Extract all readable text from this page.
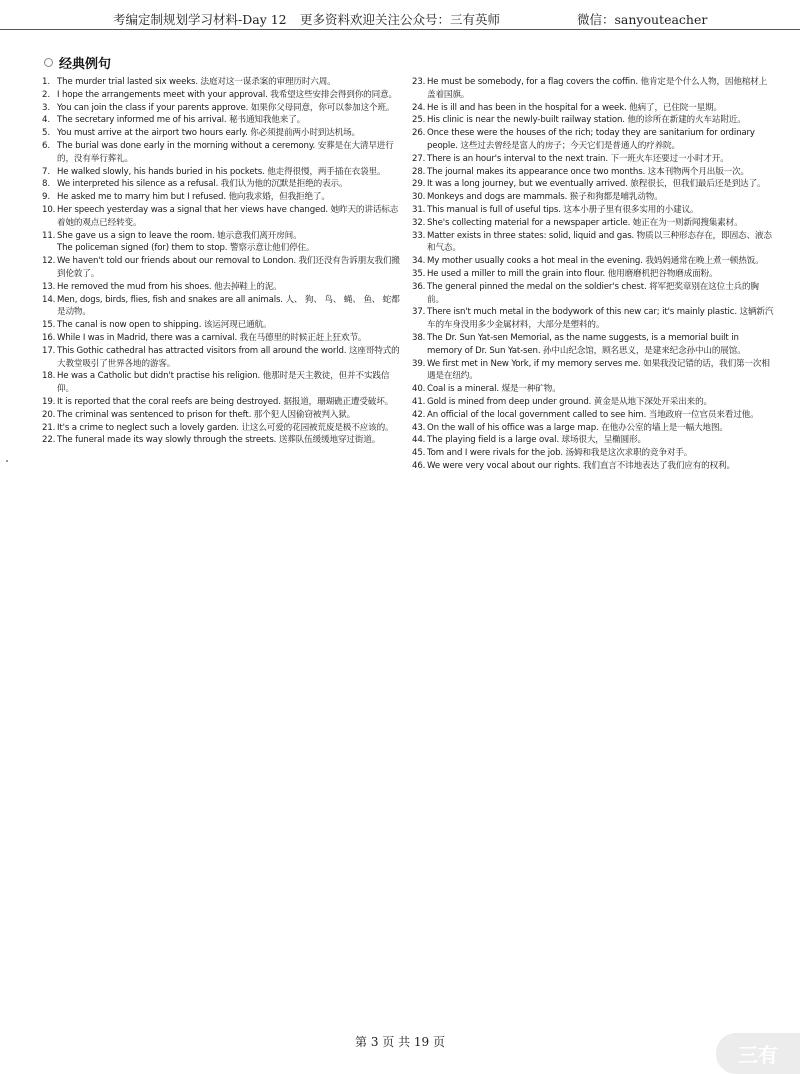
考编定制规划学习材料-Day 12 更多资料欢迎关注公众号：三有英师	微信：sanyouteacher
经典例句
1. The murder trial lasted six weeks. 法庭对这一谋杀案的审理历时六周。
2. I hope the arrangements meet with your approval. 我希望这些安排会得到你的同意。
3. You can join the class if your parents approve. 如果你父母同意，你可以参加这个班。
4. The secretary informed me of his arrival. 秘书通知我他来了。
5. You must arrive at the airport two hours early. 你必须提前两小时到达机场。
6. The burial was done early in the morning without a ceremony. 安葬是在大清早进行的，没有举行葬礼。
7. He walked slowly, his hands buried in his pockets. 他走得很慢，两手插在衣袋里。
8. We interpreted his silence as a refusal. 我们认为他的沉默是拒绝的表示。
9. He asked me to marry him but I refused. 他向我求婚，但我拒绝了。
10. Her speech yesterday was a signal that her views have changed. 她昨天的讲话标志着她的观点已经转变。
11. She gave us a sign to leave the room. 她示意我们离开房间。
The policeman signed (for) them to stop. 警察示意让他们停住。
12. We haven't told our friends about our removal to London. 我们还没有告诉朋友我们搬到伦敦了。
13. He removed the mud from his shoes. 他去掉鞋上的泥。
14. Men, dogs, birds, flies, fish and snakes are all animals. 人、 狗、 鸟、 蝇、 鱼、 蛇都是动物。
15. The canal is now open to shipping. 该运河现已通航。
16. While I was in Madrid, there was a carnival. 我在马德里的时候正赶上狂欢节。
17. This Gothic cathedral has attracted visitors from all around the world. 这座哥特式的大教堂吸引了世界各地的游客。
18. He was a Catholic but didn't practise his religion. 他那时是天主教徒，但并不实践信仰。
19. It is reported that the coral reefs are being destroyed. 据报道，珊瑚礁正遭受破坏。
20. The criminal was sentenced to prison for theft. 那个犯人因偷窃被判入狱。
21. It's a crime to neglect such a lovely garden. 让这么可爱的花园被荒废是极不应该的。
22. The funeral made its way slowly through the streets. 送葬队伍缓缓地穿过街道。
23. He must be somebody, for a flag covers the coffin. 他肯定是个什么人物，因他棺材上盖着国旗。
24. He is ill and has been in the hospital for a week. 他病了，已住院一星期。
25. His clinic is near the newly-built railway station. 他的诊所在新建的火车站附近。
26. Once these were the houses of the rich; today they are sanitarium for ordinary people. 这些过去曾经是富人的房子；今天它们是普通人的疗养院。
27. There is an hour's interval to the next train. 下一班火车还要过一小时才开。
28. The journal makes its appearance once two months. 这本刊物两个月出版一次。
29. It was a long journey, but we eventually arrived. 旅程很长，但我们最后还是到达了。
30. Monkeys and dogs are mammals. 猴子和狗都是哺乳动物。
31. This manual is full of useful tips. 这本小册子里有很多实用的小建议。
32. She's collecting material for a newspaper article. 她正在为一则新闻搜集素材。
33. Matter exists in three states: solid, liquid and gas. 物质以三种形态存在，即固态、液态和气态。
34. My mother usually cooks a hot meal in the evening. 我妈妈通常在晚上煮一顿热饭。
35. He used a miller to mill the grain into flour. 他用磨磨机把谷物磨成面粉。
36. The general pinned the medal on the soldier's chest. 将军把奖章别在这位士兵的胸前。
37. There isn't much metal in the bodywork of this new car; it's mainly plastic. 这辆新汽车的车身没用多少金属材料，大部分是塑料的。
38. The Dr. Sun Yat-sen Memorial, as the name suggests, is a memorial built in memory of Dr. Sun Yat-sen. 孙中山纪念馆，顾名思义，是建来纪念孙中山的展馆。
39. We first met in New York, if my memory serves me. 如果我没记错的话，我们第一次相遇是在纽约。
40. Coal is a mineral. 煤是一种矿物。
41. Gold is mined from deep under ground. 黄金是从地下深处开采出来的。
42. An official of the local government called to see him. 当地政府一位官员来看过他。
43. On the wall of his office was a large map. 在他办公室的墙上是一幅大地图。
44. The playing field is a large oval. 球场很大，呈椭圆形。
45. Tom and I were rivals for the job. 汤姆和我是这次求职的竞争对手。
46. We were very vocal about our rights. 我们直言不讳地表达了我们应有的权利。
第 3 页 共 19 页
三有
